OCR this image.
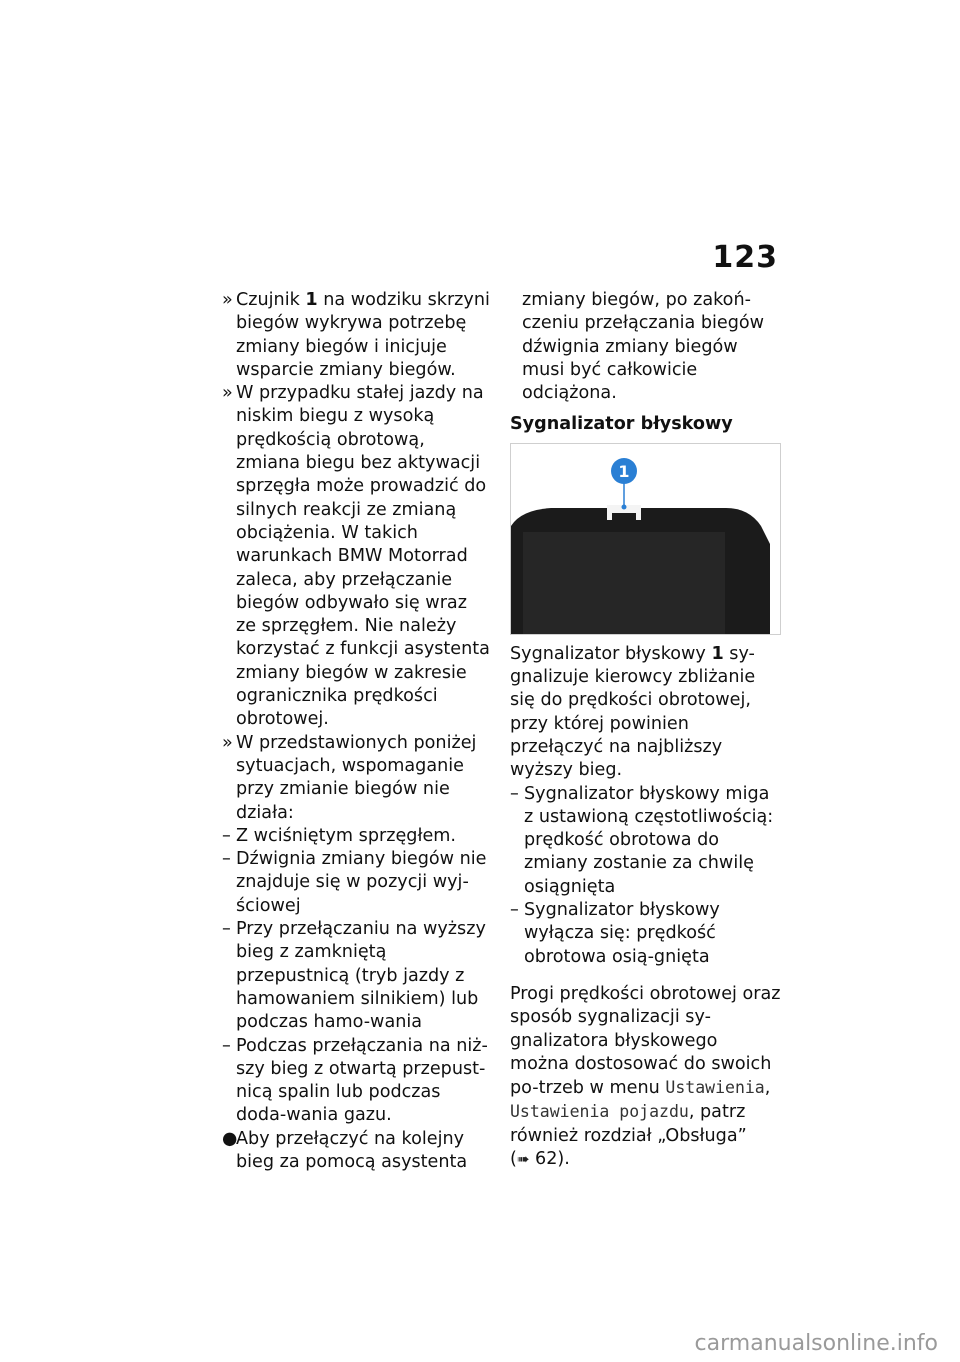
123
» Czujnik 1 na wodziku skrzyni biegów wykrywa potrzebę zmiany biegów i inicjuje wsparcie zmiany biegów.
» W przypadku stałej jazdy na niskim biegu z wysoką prędkością obrotową, zmiana biegu bez aktywacji sprzęgła może prowadzić do silnych reakcji ze zmianą obciążenia. W takich warunkach BMW Motorrad zaleca, aby przełączanie biegów odbywało się wraz ze sprzęgłem. Nie należy korzystać z funkcji asystenta zmiany biegów w zakresie ogranicznika prędkości obrotowej.
» W przedstawionych poniżej sytuacjach, wspomaganie przy zmianie biegów nie działa:
– Z wciśniętym sprzęgłem.
– Dźwignia zmiany biegów nie znajduje się w pozycji wyj-ściowej
– Przy przełączaniu na wyższy bieg z zamkniętą przepustnicą (tryb jazdy z hamowaniem silnikiem) lub podczas hamo-wania
– Podczas przełączania na niż-szy bieg z otwartą przepust-nicą spalin lub podczas doda-wania gazu.
●
Aby przełączyć na kolejny bieg za pomocą asystenta
zmiany biegów, po zakoń-czeniu przełączania biegów dźwignia zmiany biegów musi być całkowicie odciążona.
Sygnalizator błyskowy
1
Sygnalizator błyskowy 1 sy-gnalizuje kierowcy zbliżanie się do prędkości obrotowej, przy której powinien przełączyć na najbliższy wyższy bieg.
– Sygnalizator błyskowy miga z ustawioną częstotliwością: prędkość obrotowa do zmiany zostanie za chwilę osiągnięta
– Sygnalizator błyskowy wyłącza się: prędkość obrotowa osią-gnięta
Progi prędkości obrotowej oraz sposób sygnalizacji sy-gnalizatora błyskowego można dostosować do swoich po-trzeb w menu Ustawienia, Ustawienia pojazdu, patrz również rozdział „Obsługa”
(➠ 62).
carmanualsonline.info
